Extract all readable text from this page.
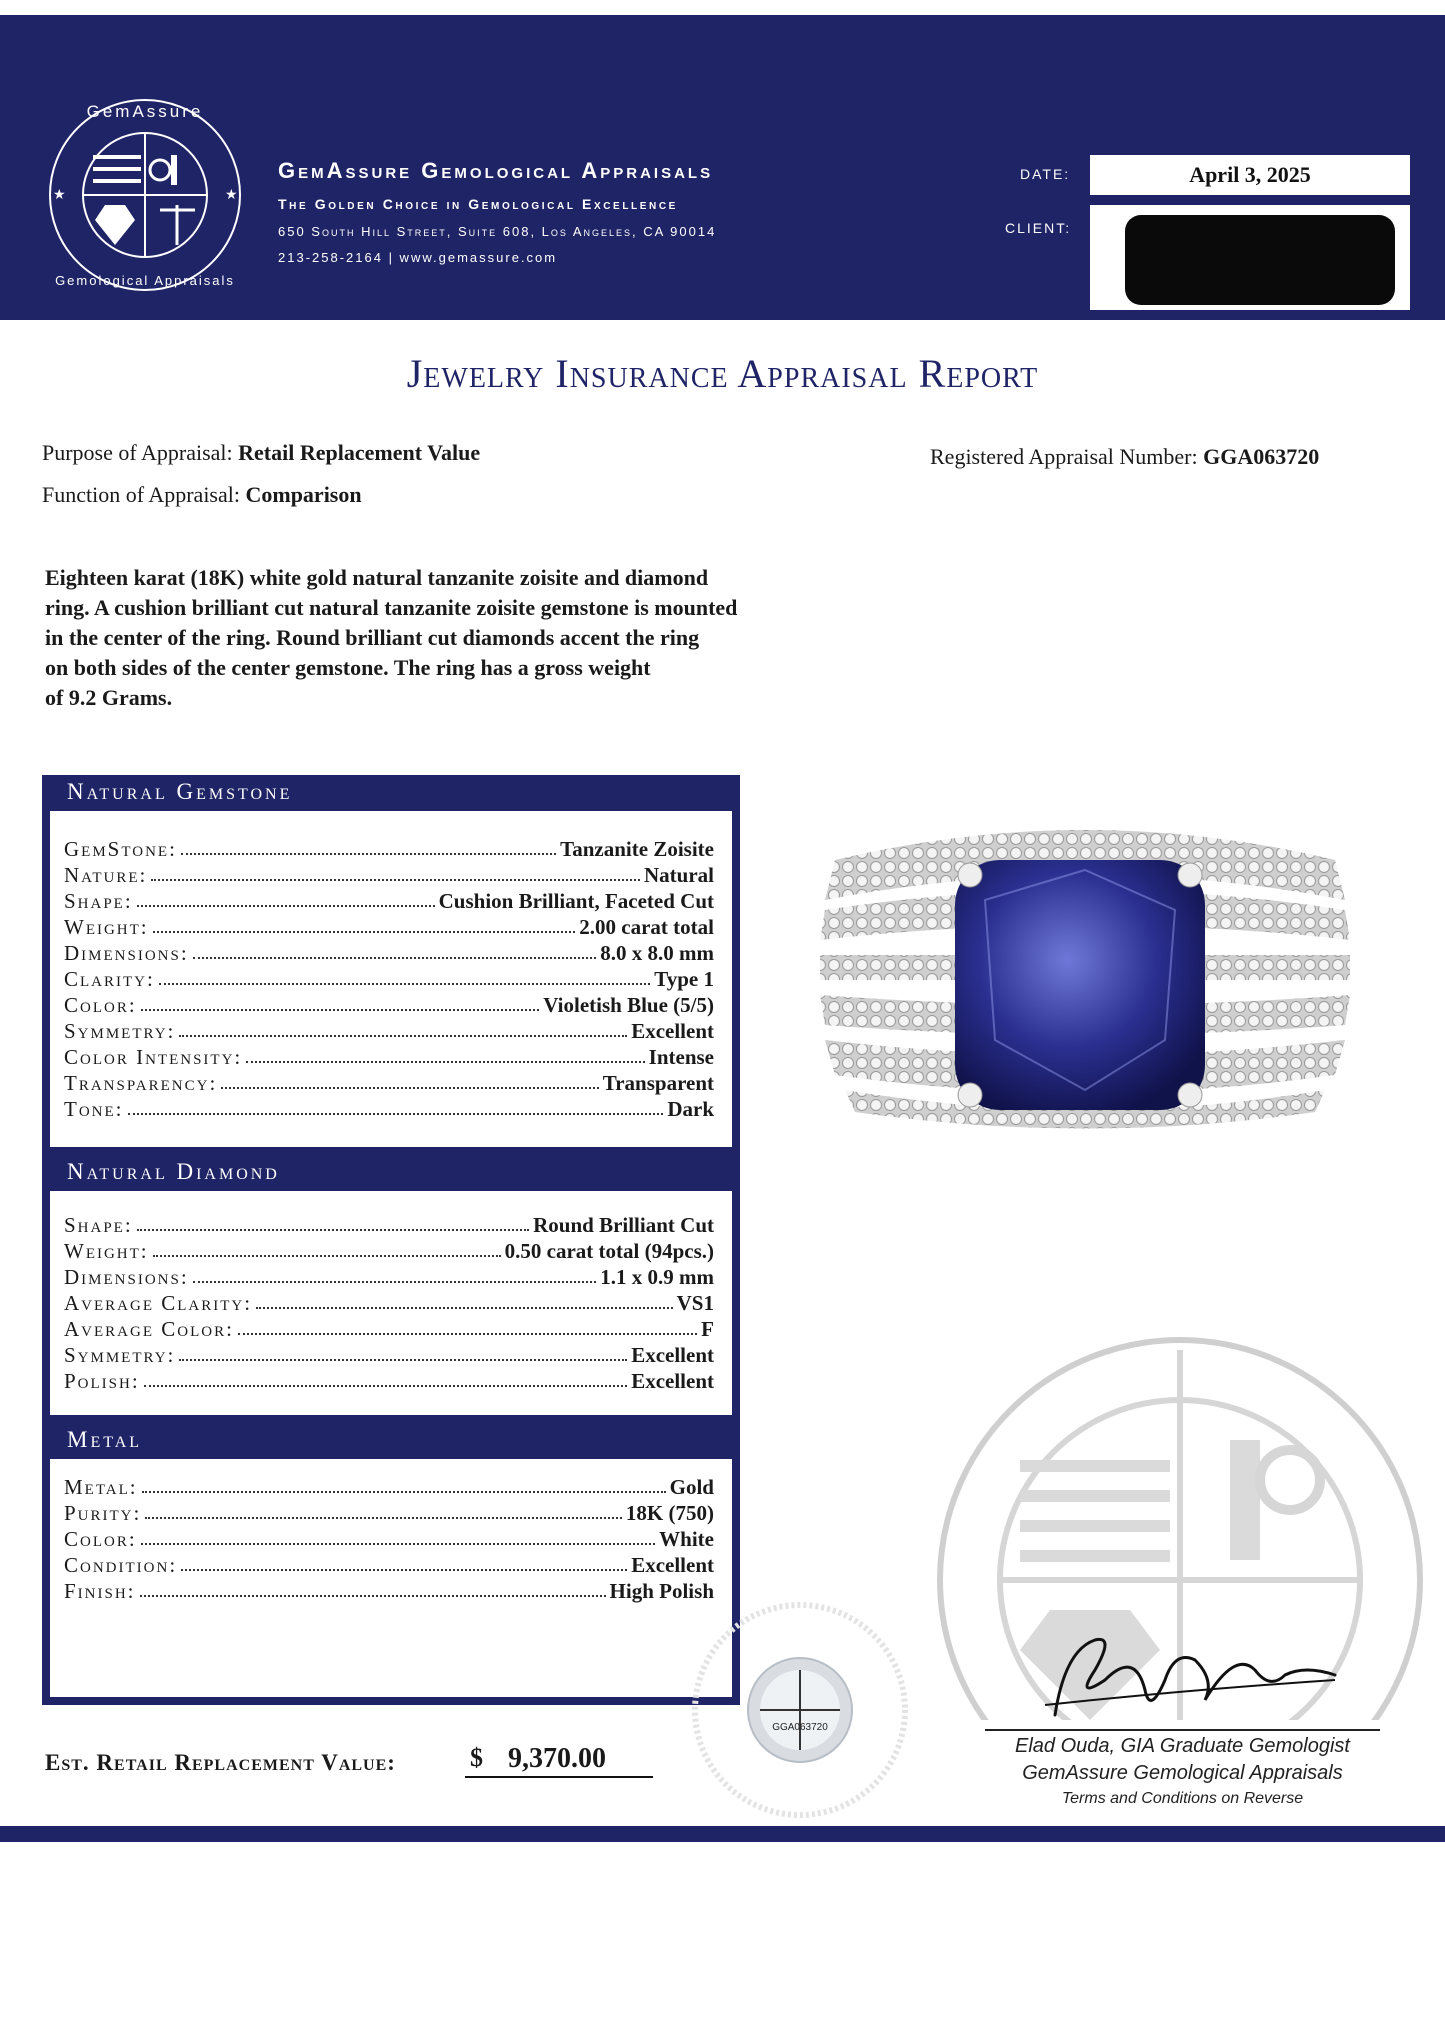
GemAssure
Gemological Appraisals
★	★
GemAssure Gemological Appraisals
The Golden Choice in Gemological Excellence
650 South Hill Street, Suite 608, Los Angeles, CA 90014
213-258-2164 | www.gemassure.com
DATE:	April 3, 2025
CLIENT:
Jewelry Insurance Appraisal Report
Purpose of Appraisal: Retail Replacement Value
Function of Appraisal: Comparison
Registered Appraisal Number: GGA063720
Eighteen karat (18K) white gold natural tanzanite zoisite and diamond
ring. A cushion brilliant cut natural tanzanite zoisite gemstone is mounted
in the center of the ring. Round brilliant cut diamonds accent the ring
on both sides of the center gemstone. The ring has a gross weight
of 9.2 Grams.
Natural Gemstone
GemStone:	Tanzanite Zoisite
Nature:	Natural
Shape:	Cushion Brilliant, Faceted Cut
Weight:	2.00 carat total
Dimensions:	8.0 x 8.0 mm
Clarity:	Type 1
Color:	Violetish Blue (5/5)
Symmetry:	Excellent
Color Intensity:	Intense
Transparency:	Transparent
Tone:	Dark
Natural Diamond
Shape:	Round Brilliant Cut
Weight:	0.50 carat total (94pcs.)
Dimensions:	1.1 x 0.9 mm
Average Clarity:	VS1
Average Color:	F
Symmetry:	Excellent
Polish:	Excellent
Metal
Metal:	Gold
Purity:	18K (750)
Color:	White
Condition:	Excellent
Finish:	High Polish
GGA063720
Elad Ouda, GIA Graduate Gemologist
GemAssure Gemological Appraisals
Terms and Conditions on Reverse
Est. Retail Replacement Value:	$ 9,370.00
